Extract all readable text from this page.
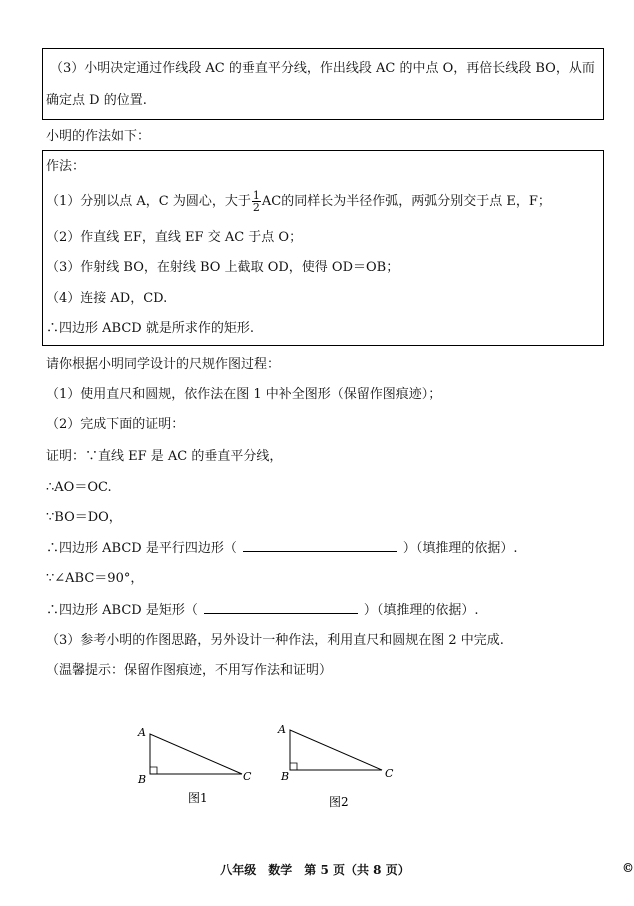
（3）小明决定通过作线段 AC 的垂直平分线，作出线段 AC 的中点 O，再倍长线段 BO，从而
确定点 D 的位置.
小明的作法如下：
作法：
（1）分别以点 A，C 为圆心，大于 $\frac{1}{2}$ AC的同样长为半径作弧，两弧分别交于点 E，F；
（2）作直线 EF，直线 EF 交 AC 于点 O；
（3）作射线 BO，在射线 BO 上截取 OD，使得 OD＝OB；
（4）连接 AD，CD.
∴四边形 ABCD 就是所求作的矩形.
请你根据小明同学设计的尺规作图过程：
（1）使用直尺和圆规，依作法在图 1 中补全图形（保留作图痕迹）；
（2）完成下面的证明：
证明：∵直线 EF 是 AC 的垂直平分线，
∴AO＝OC.
∵BO＝DO，
∴四边形 ABCD 是平行四边形（	）（填推理的依据）.
∵∠ABC＝90°，
∴四边形 ABCD 是矩形（	）（填推理的依据）.
（3）参考小明的作图思路，另外设计一种作法，利用直尺和圆规在图 2 中完成.
（温馨提示：保留作图痕迹，不用写作法和证明）
A
B	C
图1
A
B	C
图2
八年级　数学　第 5 页（共 8 页）	©
